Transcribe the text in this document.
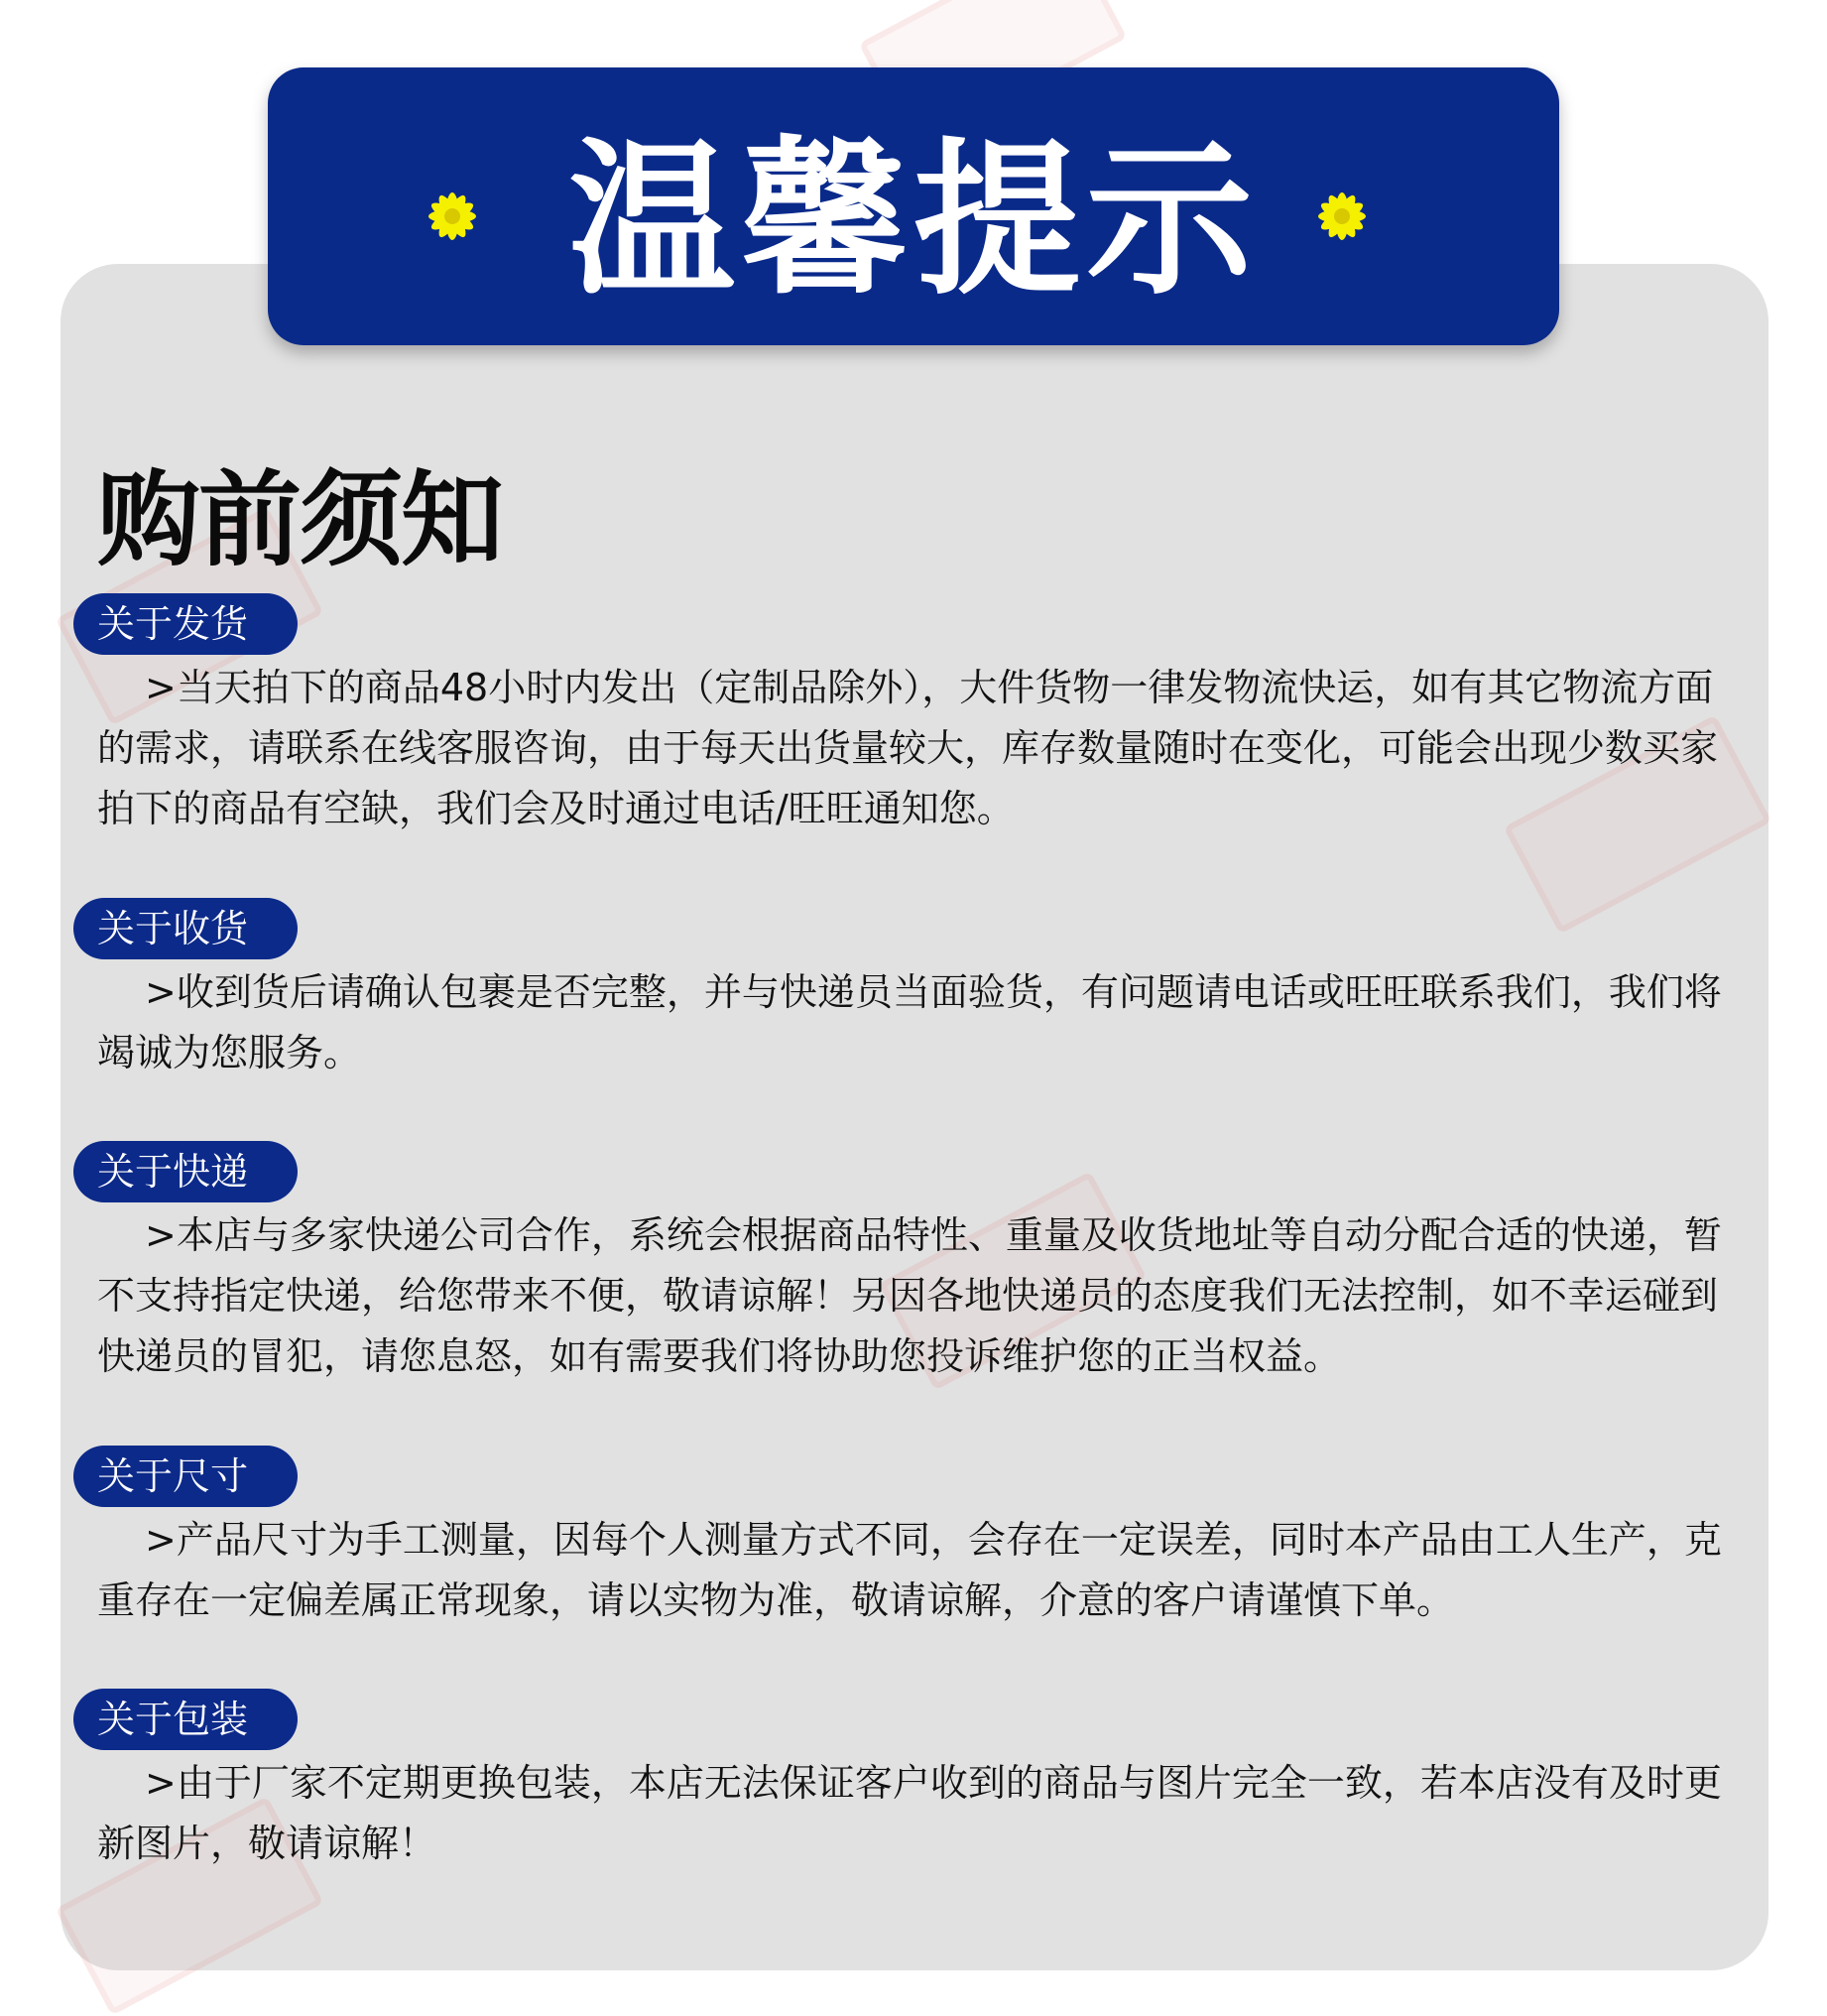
温馨提示
购前须知
关于发货

>当天拍下的商品48小时内发出（定制品除外），大件货物一律发物流快运，如有其它物流方面的需求，请联系在线客服咨询，由于每天出货量较大，库存数量随时在变化，可能会出现少数买家拍下的商品有空缺，我们会及时通过电话/旺旺通知您。

关于收货

>收到货后请确认包裹是否完整，并与快递员当面验货，有问题请电话或旺旺联系我们，我们将竭诚为您服务。

关于快递

>本店与多家快递公司合作，系统会根据商品特性、重量及收货地址等自动分配合适的快递，暂不支持指定快递，给您带来不便，敬请谅解！另因各地快递员的态度我们无法控制，如不幸运碰到快递员的冒犯，请您息怒，如有需要我们将协助您投诉维护您的正当权益。

关于尺寸

>产品尺寸为手工测量，因每个人测量方式不同，会存在一定误差，同时本产品由工人生产，克重存在一定偏差属正常现象，请以实物为准，敬请谅解，介意的客户请谨慎下单。

关于包装

>由于厂家不定期更换包装，本店无法保证客户收到的商品与图片完全一致，若本店没有及时更新图片，敬请谅解！
